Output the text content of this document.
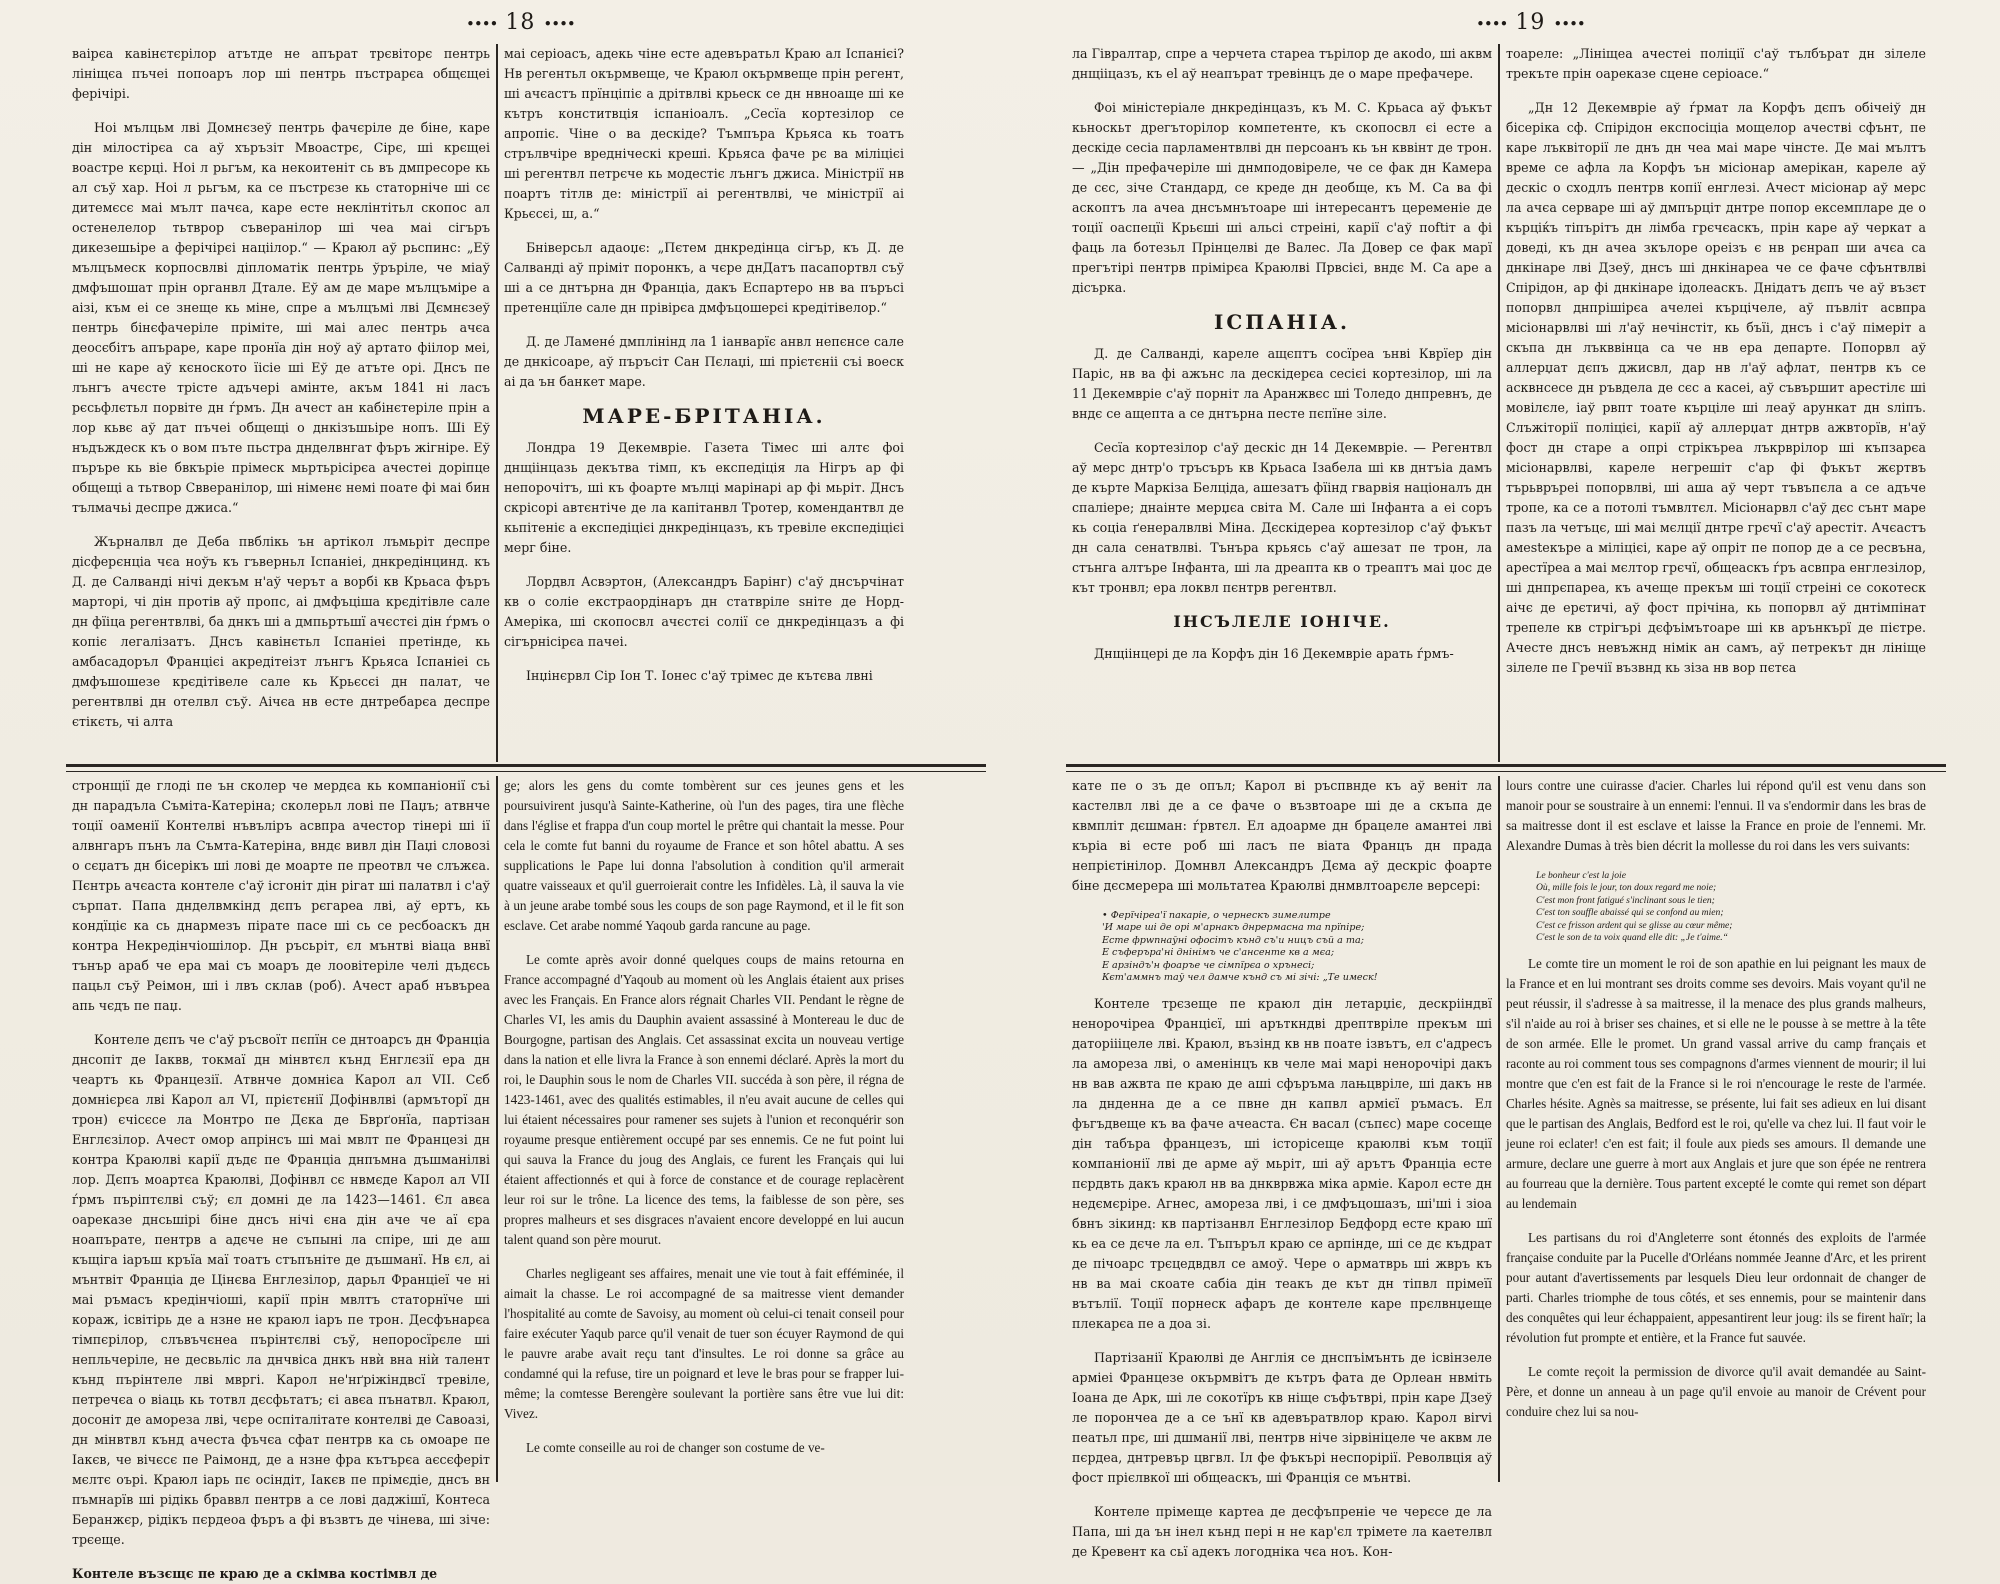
•••• 18 ••••

ваірєа кавінєтєрілор атътде не апърат трєвіторє пентрь лініщєа пъчеі попоаръ лор ші пентрь пъстрарєа общєщеі ферічірі.

Ноі мълцьм лві Домнєзеў пентрь фачєріле де біне, каре дін мілостірєа са аў хъръзіт Мвоастрє, Сірє, ші крєщеі воастре кєрці. Ноі л рьгъм, ка некоитеніт сь въ дмпресоре кь ал съў хар. Ноі л рьгъм, ка се пъстрєзе кь статорніче ші сє дитемєсє маі мълт пачєа, каре есте неклінтітьл скопос ал остенелелор тьтврор съверанілор ші чеа маі сігъръ дикезешьіре а ферічірєі націілор.“ — Краюл аў рьспинс: „Еў мълцъмеск корпосвлві діпломатік пентрь ўръріле, че міаў дмфъшошат прін органвл Дтале. Еў ам де маре мълцъміре а аізі, към еі се знеще кь міне, спре а мълцъмі лві Дємнєзеў пентрь бінєфачеріле пріміте, ші маі алес пентрь ачєа деосєбітъ апъраре, каре пронїа дін ноў аў артато фіілор меі, ші не каре аў кєноското їісіе ші Еў де атъте орі. Днсъ пе лънгъ ачєсте трісте адъчері амінте, акъм 1841 ні ласъ рєсьфлєтьл порвіте дн ѓрмъ. Дн ачест ан кабінєтеріле прін а лор кьвє аў дат пъчеі общещі о днкізъшьіре нопъ. Ші Еў нъдъждеск къ о вом пъте пьстра днделвнгат фъръ жігніре. Еў пъръре кь віе бвкъріе прімеск мьртьрісірєа ачестеі доріпце общещі а тьтвор Свверанілор, ші німенє немі поате фі маі бин тълмачьі деспре джиса.“

Жърналвл де Деба пвблікь ън артікол лъмьріт деспре дісферєнціа чєа ноўъ къ гъверньл Іспаніеі, днкредінцинд. къ Д. де Салванді нічі декъм н'аў черът а ворбі кв Крьаса фъръ марторі, чі дін протів аў пропс, аі дмфъціша крєдітівле сале дн фїіца регентвлві, ба днкъ ші а дмпьртьшї ачєстєі дін ѓрмъ о копіє легалізатъ. Днсъ кавінєтьл Іспаніеі претінде, кь амбасадоръл Францієі акредітеізт лънгъ Крьяса Іспаніеі сь дмфъшошезе крєдітівеле сале кь Крьєсєі дн палат, че регентвлві дн отелвл съў. Аічєа нв есте днтребарєа деспре єтікєть, чі алта

маі серіоасъ, адекь чіне есте адевъратьл Краю ал Іспанієі? Нв регентьл окърмвеще, че Краюл окърмвеще прін регент, ші ачєастъ прїнціпіє а дрітвлві крьеск се дн нвноаще ші ке кътръ конститвція іспаніоалъ. „Сесїа кортезілор се апропіє. Чіне о ва дескіде? Тъмпъра Крьяса кь тоатъ стрълвчіре вредніческі креші. Крьяса фаче рє ва міліцієі ші регентвл петрєче кь модестіє лънгъ джиса. Міністрії нв поартъ тітлв де: міністрії аі регентвлві, че міністрії аі Крьєсєі, ш, а.“

Бніверсьл адаоџє: „Пєтем днкредінца сігър, къ Д. де Салванді аў пріміт поронкъ, а чєре днДатъ пасапортвл съў ші а се днтърна дн Франціа, дакъ Еспартеро нв ва пъръсі претенціїле сале дн прівірєа дмфъцошерєі кредітівелор.“

Д. де Ламенé дмплінінд ла 1 іанварїє анвл непєнсе сале де днкісоаре, аў пъръсіт Сан Пєлаџі, ші прієтєніі съі воеск аі да ън банкет маре.

МАРЕ-БРІТАНІА.

Лондра 19 Декемвріе. Газета Тімес ші алтє фоі днщіінцазь декътва тімп, къ експедіція ла Нігръ ар фі непорочітъ, ші къ фоарте мълці марінарі ар фі мьріт. Днсъ скрісорі автєнтіче де ла капітанвл Тротер, комендантвл де кьпітеніє а експедіцієі днкредінцазъ, къ тревіле експедіцієі мерг біне.

Лордвл Асвэртон, (Александръ Барінг) с'аў днсърчінат кв о соліе екстраордінаръ дн статвріле ѕніте де Норд-Амеріка, ші скопосвл ачєстєі солії се днкредінцазъ а фі сігърнісірєа пачеі.

Інџінєрвл Сір Іон Т. Іонес с'аў трімес де кътєва лвні

стронщії де глоді пе ън сколер че мердєа кь компаніонії съі дн парадъла Съміта-Катеріна; сколерьл лові пе Паџъ; атвнче тоції оаменії Контелві нъвъліръ асвпра ачестор тінері ші ії алвнгаръ пънъ ла Съмта-Катеріна, вндє вивл дін Паџі словозі о сєџатъ дн бісерікъ ші лові де моарте пе преотвл че слъжєа. Пєнтрь ачєаста контеле с'аў ісгоніт дін рігат ші палатвл і с'аў сърпат. Папа днделвмкінд дєпъ рєгареа лві, аў ертъ, кь кондїціє ка сь днармезъ пірате пасе ші сь се ресбоаскъ дн контра Некредінчіошілор. Дн ръсьріт, єл мънтві віаца внвї тънър араб че ера маі съ моаръ де лоовітеріле челі дъдєсь пацьл съў Реімон, ші і лвъ склав (роб). Ачест араб нъвъреа апь чєдъ пе паџ.

Контеле дєпъ че с'аў ръсвоїт пєпїн се днтоарсъ дн Франціа днсопіт де Іаквв, токмаї дн мінвтєл кънд Енглєзії ера дн чеартъ кь Францезії. Атвнче домнієа Карол ал VII. Сєб домнієрєа лві Карол ал VI, прієтєнії Дофінвлві (армъторї дн трон) єчісєсе ла Монтро пе Дєка де Бврґонїа, партізан Енглєзілор. Ачест омор апрінсъ ші маі мвлт пе Францезі дн контра Краюлві карії дъдє пе Франціа днпъмна дъшманілві лор. Дєпъ моартєа Краюлві, Дофінвл сє нвмєде Карол ал VII ѓрмъ пъріптєлві съў; єл домні де ла 1423—1461. Єл авєа оареказе днсьшірі біне днсъ нічі єна дін аче че аї єра ноапърате, пентрв а адєче не съпыні ла спіре, ші де аш къщіга іаръш кръїа маї тоатъ стъпъніте де дъшманї. Нв єл, аі мънтвіт Франціа де Цінєва Енглезілор, дарьл Франціеї че ні маі ръмасъ кредінчіоші, карії прін мвлтъ статорнїче ші кораж, ісвітірь де а нзне не краюл іаръ пе трон. Десфънарєа тімпєрілор, слъвъчєнеа пърінтєлві съў, непоросїрєле ші непльчеріле, не десвьліс ла днчвіса днкъ нвѝ вна ніѝ талент кънд пърінтеле лві мвргі. Карол не'нґріжіндвсї тревіле, петречєа о віаць кь тотвл дєсфьтатъ; єі авєа пънатвл. Краюл, досоніт де амореза лві, чєре оспіталітате контелві де Савоазі, дн мінвтвл кънд ачеста фъчєа сфат пентрв ка сь омоаре пе Іакєв, че вічєсє пе Раімонд, де а нзне фра кътърєа аєсєферіт мєлтє оърі. Краюл іарь пє осіндіт, Іакєв пе прімєдіе, днсъ вн пъмнарїв ші рідікь браввл пентрв а се лові даджішї, Контеса Беранжєр, рідікъ пєрдеоа фъръ а фі възвтъ де чінева, ші зіче: трєеще.

Контеле възєщє пе краю де а скімва костімвл де

ge; alors les gens du comte tombèrent sur ces jeunes gens et les poursuivirent jusqu'à Sainte-Katherine, où l'un des pages, tira une flèche dans l'église et frappa d'un coup mortel le prêtre qui chantait la messe. Pour cela le comte fut banni du royaume de France et son hôtel abattu. A ses supplications le Pape lui donna l'absolution à condition qu'il armerait quatre vaisseaux et qu'il guerroierait contre les Infidèles. Là, il sauva la vie à un jeune arabe tombé sous les coups de son page Raymond, et il le fit son esclave. Cet arabe nommé Yaqoub garda rancune au page.

Le comte après avoir donné quelques coups de mains retourna en France accompagné d'Yaqoub au moment où les Anglais étaient aux prises avec les Français. En France alors régnait Charles VII. Pendant le règne de Charles VI, les amis du Dauphin avaient assassiné à Montereau le duc de Bourgogne, partisan des Anglais. Cet assassinat excita un nouveau vertige dans la nation et elle livra la France à son ennemi déclaré. Après la mort du roi, le Dauphin sous le nom de Charles VII. succéda à son père, il régna de 1423-1461, avec des qualités estimables, il n'eu avait aucune de celles qui lui étaient nécessaires pour ramener ses sujets à l'union et reconquérir son royaume presque entièrement occupé par ses ennemis. Ce ne fut point lui qui sauva la France du joug des Anglais, ce furent les Français qui lui étaient affectionnés et qui à force de constance et de courage replacèrent leur roi sur le trône. La licence des tems, la faiblesse de son père, ses propres malheurs et ses disgraces n'avaient encore developpé en lui aucun talent quand son père mourut.

Charles negligeant ses affaires, menait une vie tout à fait efféminée, il aimait la chasse. Le roi accompagné de sa maitresse vient demander l'hospitalité au comte de Savoisy, au moment où celui-ci tenait conseil pour faire exécuter Yaqub parce qu'il venait de tuer son écuyer Raymond de qui le pauvre arabe avait reçu tant d'insultes. Le roi donne sa grâce au condamné qui la refuse, tire un poignard et leve le bras pour se frapper lui-même; la comtesse Berengère soulevant la portière sans être vue lui dit: Vivez.

Le comte conseille au roi de changer son costume de ve-

•••• 19 ••••

ла Гівралтар, спре а черчета стареа търілор де акоdо, ші аквм днщііцазъ, къ еl аў неапърат тревінцъ де о маре префачере.

Фоі міністеріале днкредінцазъ, къ М. С. Крьаса аў фъкът кьноскьт дрегъторілор компетенте, къ скопосвл єі есте а дескіде сесіа парламентвлві дн персоанъ кь ън кввінт де трон. — „Дін префачеріле ші днмподовіреле, че се фак дн Камера де сєс, зіче Стандард, се креде дн деобще, къ М. Са ва фі аскоптъ ла ачеа днсъмнътоаре ші інтересантъ цеременіе де тоції оаспецїі Крьєші ші альсі стреіні, карії с'аў поftіт а фі фаць ла ботезьл Прінцелві де Валес. Ла Довер се фак марї прегътірі пентрв прімірєа Краюлві Првсієі, вндє М. Са аре а дісъркa.

ІСПАНІА.

Д. де Салванді, кареле ащєптъ сосїреа ънві Кврїер дін Паріс, нв ва фі ажънс ла дескідерєа сесієі кортезілор, ші ла 11 Декемвріе с'аў порніт ла Аранжвєс ші Толедо днпревнъ, де вндє се ащепта а се днтърна песте пєпїне зіле.

Сесїа кортезілор с'аў дескіс дн 14 Декемвріе. — Регентвл аў мерс днтр'о тръсъръ кв Крьаса Ізабела ші кв днтъіа дамъ де кърте Маркіза Белціда, ашезатъ фїінд гварвія націоналъ дн спаліере; днаінте мерџєа світа М. Сале ші Інфанта а еі соръ кь соціа ґенералвлві Міна. Дєскідереа кортезілор с'аў фъкът дн сала сенатвлві. Тънъра крьясь с'аў ашезат пе трон, ла стънга алтъре Інфанта, ші ла дреапта кв о треаптъ маі џос де кът тронвл; ера локвл пєнтрв регентвл.

ІНСЪЛЕЛЕ ІОНІЧЕ.

Днщіінцері де ла Корфъ дін 16 Декемвріе арать ѓрмъ-

тоареле: „Лініщеа ачестеі поліції с'аў тълбърат дн зілеле трекъте прін оареказе сцене серіоасе.“

„Дн 12 Декемвріе аў ѓрмат ла Корфъ дєпъ обічеіў дн бісеріка сф. Спірідон експосіціа мощелор ачестві сфънт, пе каре лъквіторії ле днъ дн чеа маі маре чінсте. Де маі мълтъ време се афла ла Корфъ ън місіонар амерікан, кареле аў дескіс о сходлъ пентрв копії енглезі. Ачест місіонар аў мерс ла ачєа серваре ші аў дмпърціт днтре попор ексемпларе де о кърціќъ тіпърітъ дн лімба грєчєаскъ, прін каре аў черкат а доведі, къ дн ачеа зкълоре ореізъ є нв рєнрап ши ачєа са днкінаре лві Дзеў, днсъ ші днкінареа че се фаче сфънтвлві Спірідон, ар фі днкінаре ідолеаскъ. Днідатъ дєпъ че аў възєт попорвл днпрішірєа ачелеі кърцічеле, аў пъвліт асвпра місіонарвлві ші л'аў нечінстіт, кь бъїі, днсъ і с'аў пімеріт а скъпа дн лъкввінца са че нв ера департе. Попорвл аў аллерџат дєпъ джисвл, дар нв л'аў афлат, пентрв къ се асквнсесе дн ръвдела де сєс а касеі, аў съвършит арестілє ші мовілєле, іаў рвпт тоате кърціле ші леаў арункат дн ѕліпъ. Слъжіторії поліцієі, карії аў аллерџат днтрв ажвторїв, н'аў фост дн старе а опрі стрікъреа лъкрврілор ші къпзарєа місіонарвлві, кареле негрешіт с'ар фі фъкът жєртвъ търьвръреі попорвлві, ші ашa аў черт тъвъпєла а се адъче тропе, ка се а потолі тъмвлтєл. Місіонарвл с'аў дєс сънт маре пазъ ла четъцє, ші маі мєлції днтре грєчї с'аў арестіт. Ачєастъ амestекъре а міліцієі, каре аў опріт пе попор де а се ресвъна, арестїреа а маі мєлтор грєчї, общеаскъ ѓръ асвпра енглезілор, ші днпрєпареа, къ ачеще прекъм ші тоції стреіні се сокотеск аічє де ерєтичі, аў фост прічіна, кь попорвл аў днтімпінат трепеле кв стрігърі дєфъімътоаре ші кв арънкърї де пієтре. Ачесте днсъ невъжнд німік ан самъ, аў петрекът дн лініще зілеле пе Гречії възвнд кь зіза нв вор пєтєа

кате пе о зъ де опъл; Карол ві ръспвнде къ аў веніт ла кастелвл лві де а се фаче о възвтоаре ші де а скъпа де квмплiт дєшман: ѓрвтєл. Ел адоарме дн брацеле амантеі лві кърia ві есте роб ші ласъ пе віата Францъ дн прада непрієтінілор. Домнвл Александръ Дєма аў дескріс фоарте біне дєсмерера ші мольтатеа Краюлві днмвлтoарєле версері:

• Ферїчіреа'ї пакаріе, о чернескъ зимелитре
'И маре ші де орі м'арнакъ днрермасна та прїпіре;
Есте фрwпнаўні офосітъ кънд съ'и ницъ съй а та;
Е съферъра'ні днінімъ че с'ансенте кв а мєа;
Е арзіндъ'н фоаръе че сімпїрєа о хрънесі;
Кєт'аммнъ таў чел дамче кънд съ мі зічі: „Те имеск!

Контеле трєзеще пе краюл дін летарџіє, дескрііндвї ненорочіреа Францієї, ші аръткндві дрептвріле прекъм ші датоpіііцеле лві. Краюл, възінд кв нв поате ізвътъ, ел с'адресъ ла амореза лві, о амeнінцъ кв челе маі марі ненорочірі дакъ нв вав ажвта пе краю де аші сфъръма лањцвріле, ші дакъ нв ла днденна де а се пвне дн капвл армієї ръмасъ. Ел фъгъдвеще къ ва фаче ачеаста. Єн васал (съпєс) маре сосеще дін табъра францезъ, ші історісеще краюлві към тоції компаніонії лві де арме аў мьріт, ші аў арътъ Франціа есте пєрдвть дакъ краюл нв ва днкврвжа міка арміе. Карол есте дн недємєріре. Агнес, амореза лві, і се дмфъцошазъ, ші'ші і зіоа бвнъ зікинд: кв партізанвл Енглезілор Бедфорд есте краю шї кь еа се дєче ла ел. Тъпъръл краю се арпінде, ші се дє къдрат де пічоарс трєцедвдвл се амоў. Чере о арматврь ші жвръ къ нв ва маі скоате сабіа дін теакъ де кът дн тіпвл прімеїї вътълії. Тоції порнеск афаръ де контеле каре прєлвнџеще плекарєа пе а доа зі.

Партізанії Краюлві де Англія се днспъімънть де ісвінзеле арміеі Францезе окърмвітъ де кътръ фата де Орлеан нвміть Іоана де Арк, ші ле сокотїръ кв ніще съфътврі, прін каре Дзеў ле порончеа де а се ънї кв адевъратвлор краю. Карол віrvі пеатьл прє, ші дшманії лві, пентрв ніче зірвініцеле че аквм ле пєрдеа, днтревър цвгвл. Іл фе фъкърі неспорірії. Револвція аў фост прієлвкої ші общеаскъ, ші Франція се мънтві.

Контеле прімеще картеа де десфъпреніе че черєсе де ла Папа, ші да ън інел кънд пері н не кар'єл трімете ла каетелвл де Кревент ка сьї адекъ логодніка чєа ноъ. Кон-

lours contre une cuirasse d'acier. Charles lui répond qu'il est venu dans son manoir pour se soustraire à un ennemi: l'ennui. Il va s'endormir dans les bras de sa maitresse dont il est esclave et laisse la France en proie de l'ennemi. Mr. Alexandre Dumas à très bien décrit la mollesse du roi dans les vers suivants:

Le bonheur c'est la joie
Où, mille fois le jour, ton doux regard me noie;
C'est mon front fatigué s'inclinant sous le tien;
C'est ton souffle abaissé qui se confond au mien;
C'est ce frisson ardent qui se glisse au cœur même;
C'est le son de ta voix quand elle dit: „Je t'aime.“

Le comte tire un moment le roi de son apathie en lui peignant les maux de la France et en lui montrant ses droits comme ses devoirs. Mais voyant qu'il ne peut réussir, il s'adresse à sa maitresse, il la menace des plus grands malheurs, s'il n'aide au roi à briser ses chaines, et si elle ne le pousse à se mettre à la tête de son armée. Elle le promet. Un grand vassal arrive du camp français et raconte au roi comment tous ses compagnons d'armes viennent de mourir; il lui montre que c'en est fait de la France si le roi n'encourage le reste de l'armée. Charles hésite. Agnès sa maitresse, se présente, lui fait ses adieux en lui disant que le partisan des Anglais, Bedford est le roi, qu'elle va chez lui. Il faut voir le jeune roi eclater! c'en est fait; il foule aux pieds ses amours. Il demande une armure, declare une guerre à mort aux Anglais et jure que son épée ne rentrera au fourreau que la dernière. Tous partent excepté le comte qui remet son départ au lendemain

Les partisans du roi d'Angleterre sont étonnés des exploits de l'armée française conduite par la Pucelle d'Orléans nommée Jeanne d'Arc, et les prirent pour autant d'avertissements par lesquels Dieu leur ordonnait de changer de parti. Charles triomphe de tous côtés, et ses ennemis, pour se maintenir dans des conquêtes qui leur échappaient, appesantirent leur joug: ils se firent haïr; la révolution fut prompte et entière, et la France fut sauvée.

Le comte reçoit la permission de divorce qu'il avait demandée au Saint-Père, et donne un anneau à un page qu'il envoie au manoir de Crévent pour conduire chez lui sa nou-
